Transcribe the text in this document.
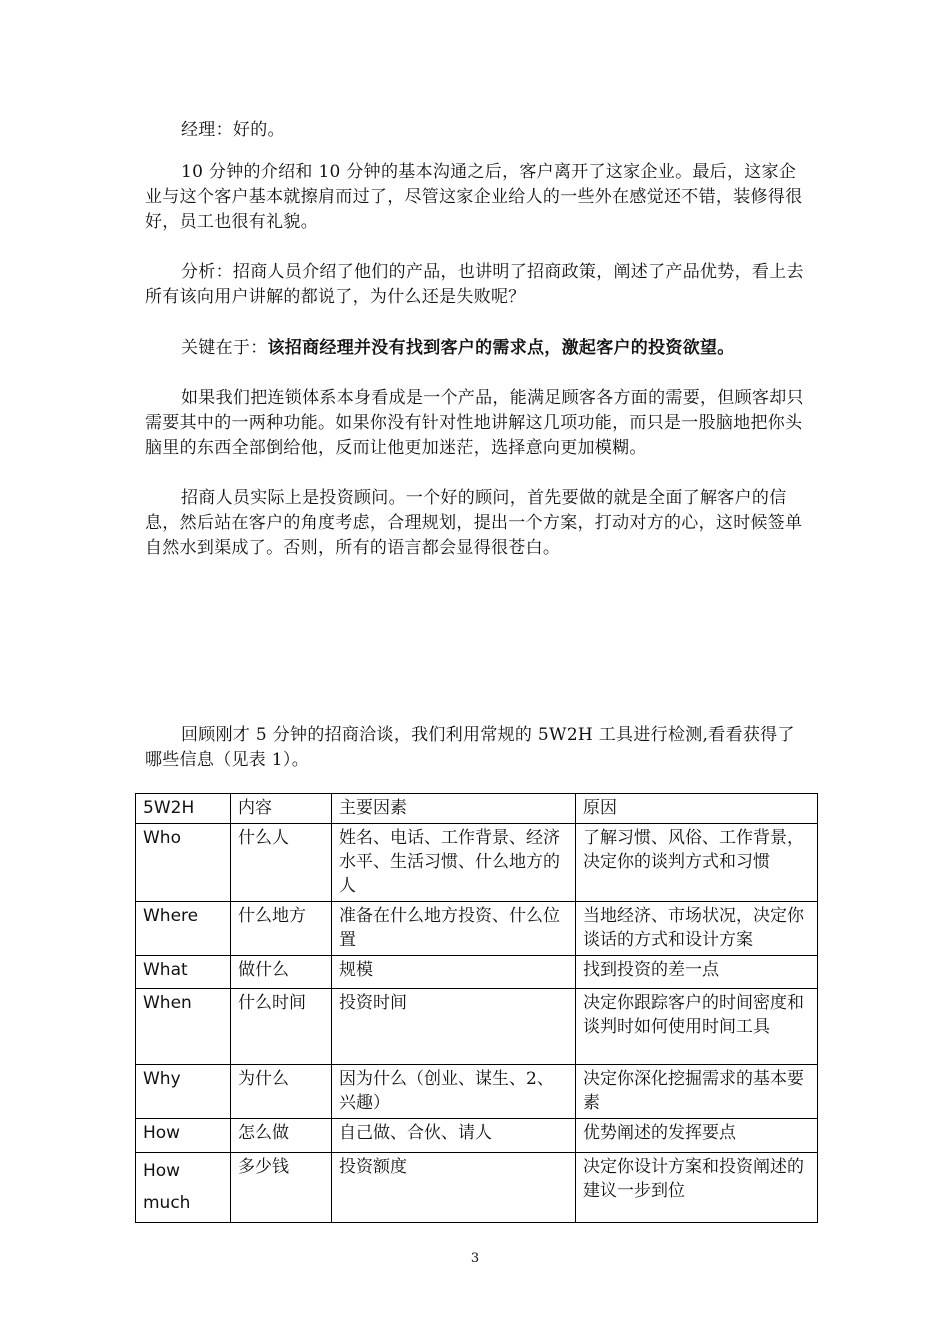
经理：好的。

10 分钟的介绍和 10 分钟的基本沟通之后，客户离开了这家企业。最后，这家企业与这个客户基本就擦肩而过了，尽管这家企业给人的一些外在感觉还不错，装修得很好，员工也很有礼貌。

分析：招商人员介绍了他们的产品，也讲明了招商政策，阐述了产品优势，看上去所有该向用户讲解的都说了，为什么还是失败呢？

关键在于：该招商经理并没有找到客户的需求点，激起客户的投资欲望。

如果我们把连锁体系本身看成是一个产品，能满足顾客各方面的需要，但顾客却只需要其中的一两种功能。如果你没有针对性地讲解这几项功能，而只是一股脑地把你头脑里的东西全部倒给他，反而让他更加迷茫，选择意向更加模糊。

招商人员实际上是投资顾问。一个好的顾问，首先要做的就是全面了解客户的信息，然后站在客户的角度考虑，合理规划，提出一个方案，打动对方的心，这时候签单自然水到渠成了。否则，所有的语言都会显得很苍白。

回顾刚才 5 分钟的招商洽谈，我们利用常规的 5W2H 工具进行检测,看看获得了哪些信息（见表 1）。

5W2H	内容	主要因素	原因
Who	什么人	姓名、电话、工作背景、经济水平、生活习惯、什么地方的人	了解习惯、风俗、工作背景，决定你的谈判方式和习惯
Where	什么地方	准备在什么地方投资、什么位置	当地经济、市场状况，决定你谈话的方式和设计方案
What	做什么	规模	找到投资的差一点
When	什么时间	投资时间	决定你跟踪客户的时间密度和谈判时如何使用时间工具
Why	为什么	因为什么（创业、谋生、2、兴趣）	决定你深化挖掘需求的基本要素
How	怎么做	自己做、合伙、请人	优势阐述的发挥要点
How much	多少钱	投资额度	决定你设计方案和投资阐述的建议一步到位
3
